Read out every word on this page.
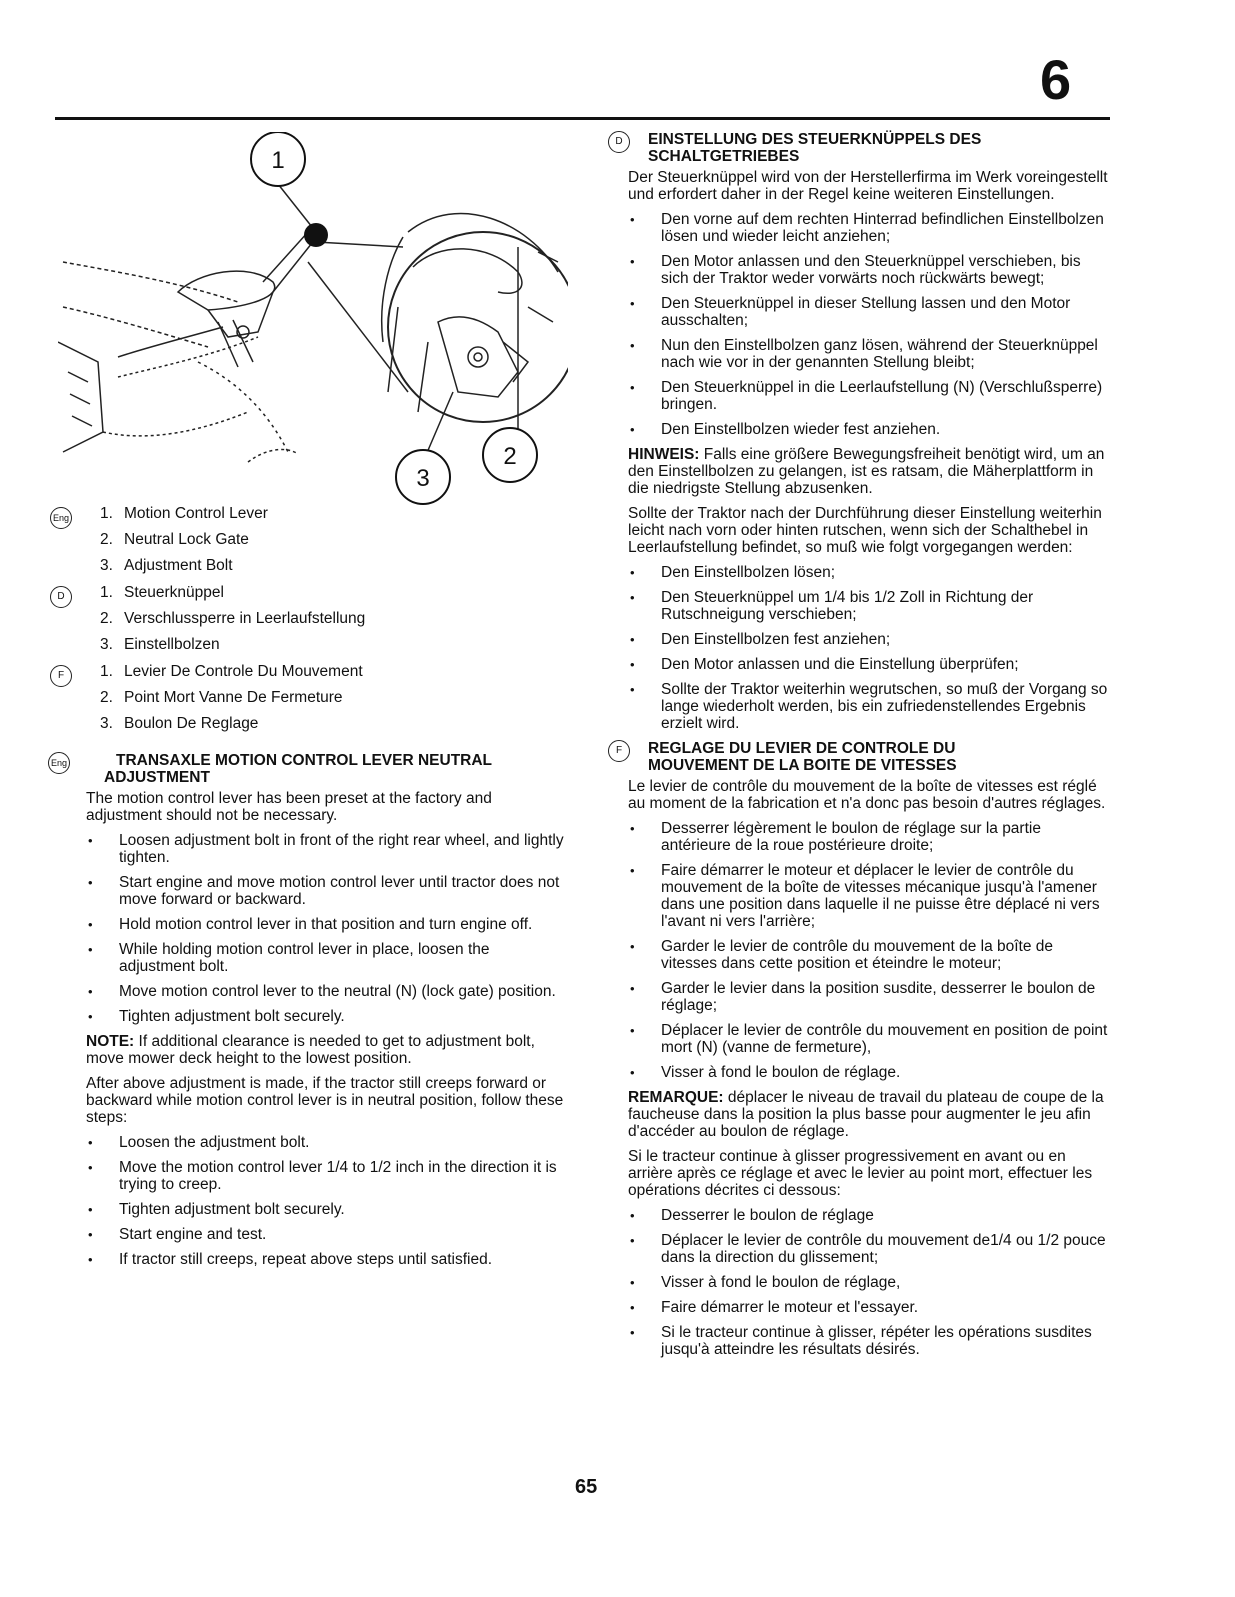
6
1
2
3
Eng 1. Motion Control Lever
2. Neutral Lock Gate
3. Adjustment Bolt
D	1. Steuerknüppel
2. Verschlussperre in Leerlaufstellung
3. Einstellbolzen
F	1. Levier De Controle Du Mouvement
2. Point Mort Vanne De Fermeture
3. Boulon De Reglage
Eng	TRANSAXLE MOTION CONTROL LEVER NEUTRAL
ADJUSTMENT

The motion control lever has been preset at the factory and adjustment should not be necessary.

• Loosen adjustment bolt in front of the right rear wheel, and lightly tighten.
• Start engine and move motion control lever until tractor does not move forward or backward.
• Hold motion control lever in that position and turn engine off.
• While holding motion control lever in place, loosen the adjustment bolt.
• Move motion control lever to the neutral (N) (lock gate) position.
• Tighten adjustment bolt securely.

NOTE: If additional clearance is needed to get to adjustment bolt, move mower deck height to the lowest position.

After above adjustment is made, if the tractor still creeps forward or backward while motion control lever is in neutral position, follow these steps:

• Loosen the adjustment bolt.
• Move the motion control lever 1/4 to 1/2 inch in the direction it is trying to creep.
• Tighten adjustment bolt securely.
• Start engine and test.
• If tractor still creeps, repeat above steps until satisfied.
D	EINSTELLUNG DES STEUERKNÜPPELS DES
SCHALTGETRIEBES

Der Steuerknüppel wird von der Herstellerfirma im Werk voreingestellt und erfordert daher in der Regel keine weiteren Einstellungen.

• Den vorne auf dem rechten Hinterrad befindlichen Einstellbolzen lösen und wieder leicht anziehen;
• Den Motor anlassen und den Steuerknüppel verschieben, bis sich der Traktor weder vorwärts noch rückwärts bewegt;
• Den Steuerknüppel in dieser Stellung lassen und den Motor ausschalten;
• Nun den Einstellbolzen ganz lösen, während der Steuerknüppel nach wie vor in der genannten Stellung bleibt;
• Den Steuerknüppel in die Leerlaufstellung (N) (Verschlußsperre) bringen.
• Den Einstellbolzen wieder fest anziehen.

HINWEIS: Falls eine größere Bewegungsfreiheit benötigt wird, um an den Einstellbolzen zu gelangen, ist es ratsam, die Mäherplattform in die niedrigste Stellung abzusenken.

Sollte der Traktor nach der Durchführung dieser Einstellung weiterhin leicht nach vorn oder hinten rutschen, wenn sich der Schalthebel in Leerlaufstellung befindet, so muß wie folgt vorgegangen werden:

• Den Einstellbolzen lösen;
• Den Steuerknüppel um 1/4 bis 1/2 Zoll in Richtung der Rutschneigung verschieben;
• Den Einstellbolzen fest anziehen;
• Den Motor anlassen und die Einstellung überprüfen;
• Sollte der Traktor weiterhin wegrutschen, so muß der Vorgang so lange wiederholt werden, bis ein zufriedenstellendes Ergebnis erzielt wird.
F	REGLAGE DU LEVIER DE CONTROLE DU
MOUVEMENT DE LA BOITE DE VITESSES

Le levier de contrôle du mouvement de la boîte de vitesses est réglé au moment de la fabrication et n'a donc pas besoin d'autres réglages.

• Desserrer légèrement le boulon de réglage sur la partie antérieure de la roue postérieure droite;
• Faire démarrer le moteur et déplacer le levier de contrôle du mouvement de la boîte de vitesses mécanique jusqu'à l'amener dans une position dans laquelle il ne puisse être déplacé ni vers l'avant ni vers l'arrière;
• Garder le levier de contrôle du mouvement de la boîte de vitesses dans cette position et éteindre le moteur;
• Garder le levier dans la position susdite, desserrer le boulon de réglage;
• Déplacer le levier de contrôle du mouvement en position de point mort (N) (vanne de fermeture),
• Visser à fond le boulon de réglage.

REMARQUE: déplacer le niveau de travail du plateau de coupe de la faucheuse dans la position la plus basse pour augmenter le jeu afin d'accéder au boulon de réglage.

Si le tracteur continue à glisser progressivement en avant ou en arrière après ce réglage et avec le levier au point mort, effectuer les opérations décrites ci dessous:

• Desserrer le boulon de réglage
• Déplacer le levier de contrôle du mouvement de1/4 ou 1/2 pouce dans la direction du glissement;
• Visser à fond le boulon de réglage,
• Faire démarrer le moteur et l'essayer.
• Si le tracteur continue à glisser, répéter les opérations susdites jusqu'à atteindre les résultats désirés.
65
